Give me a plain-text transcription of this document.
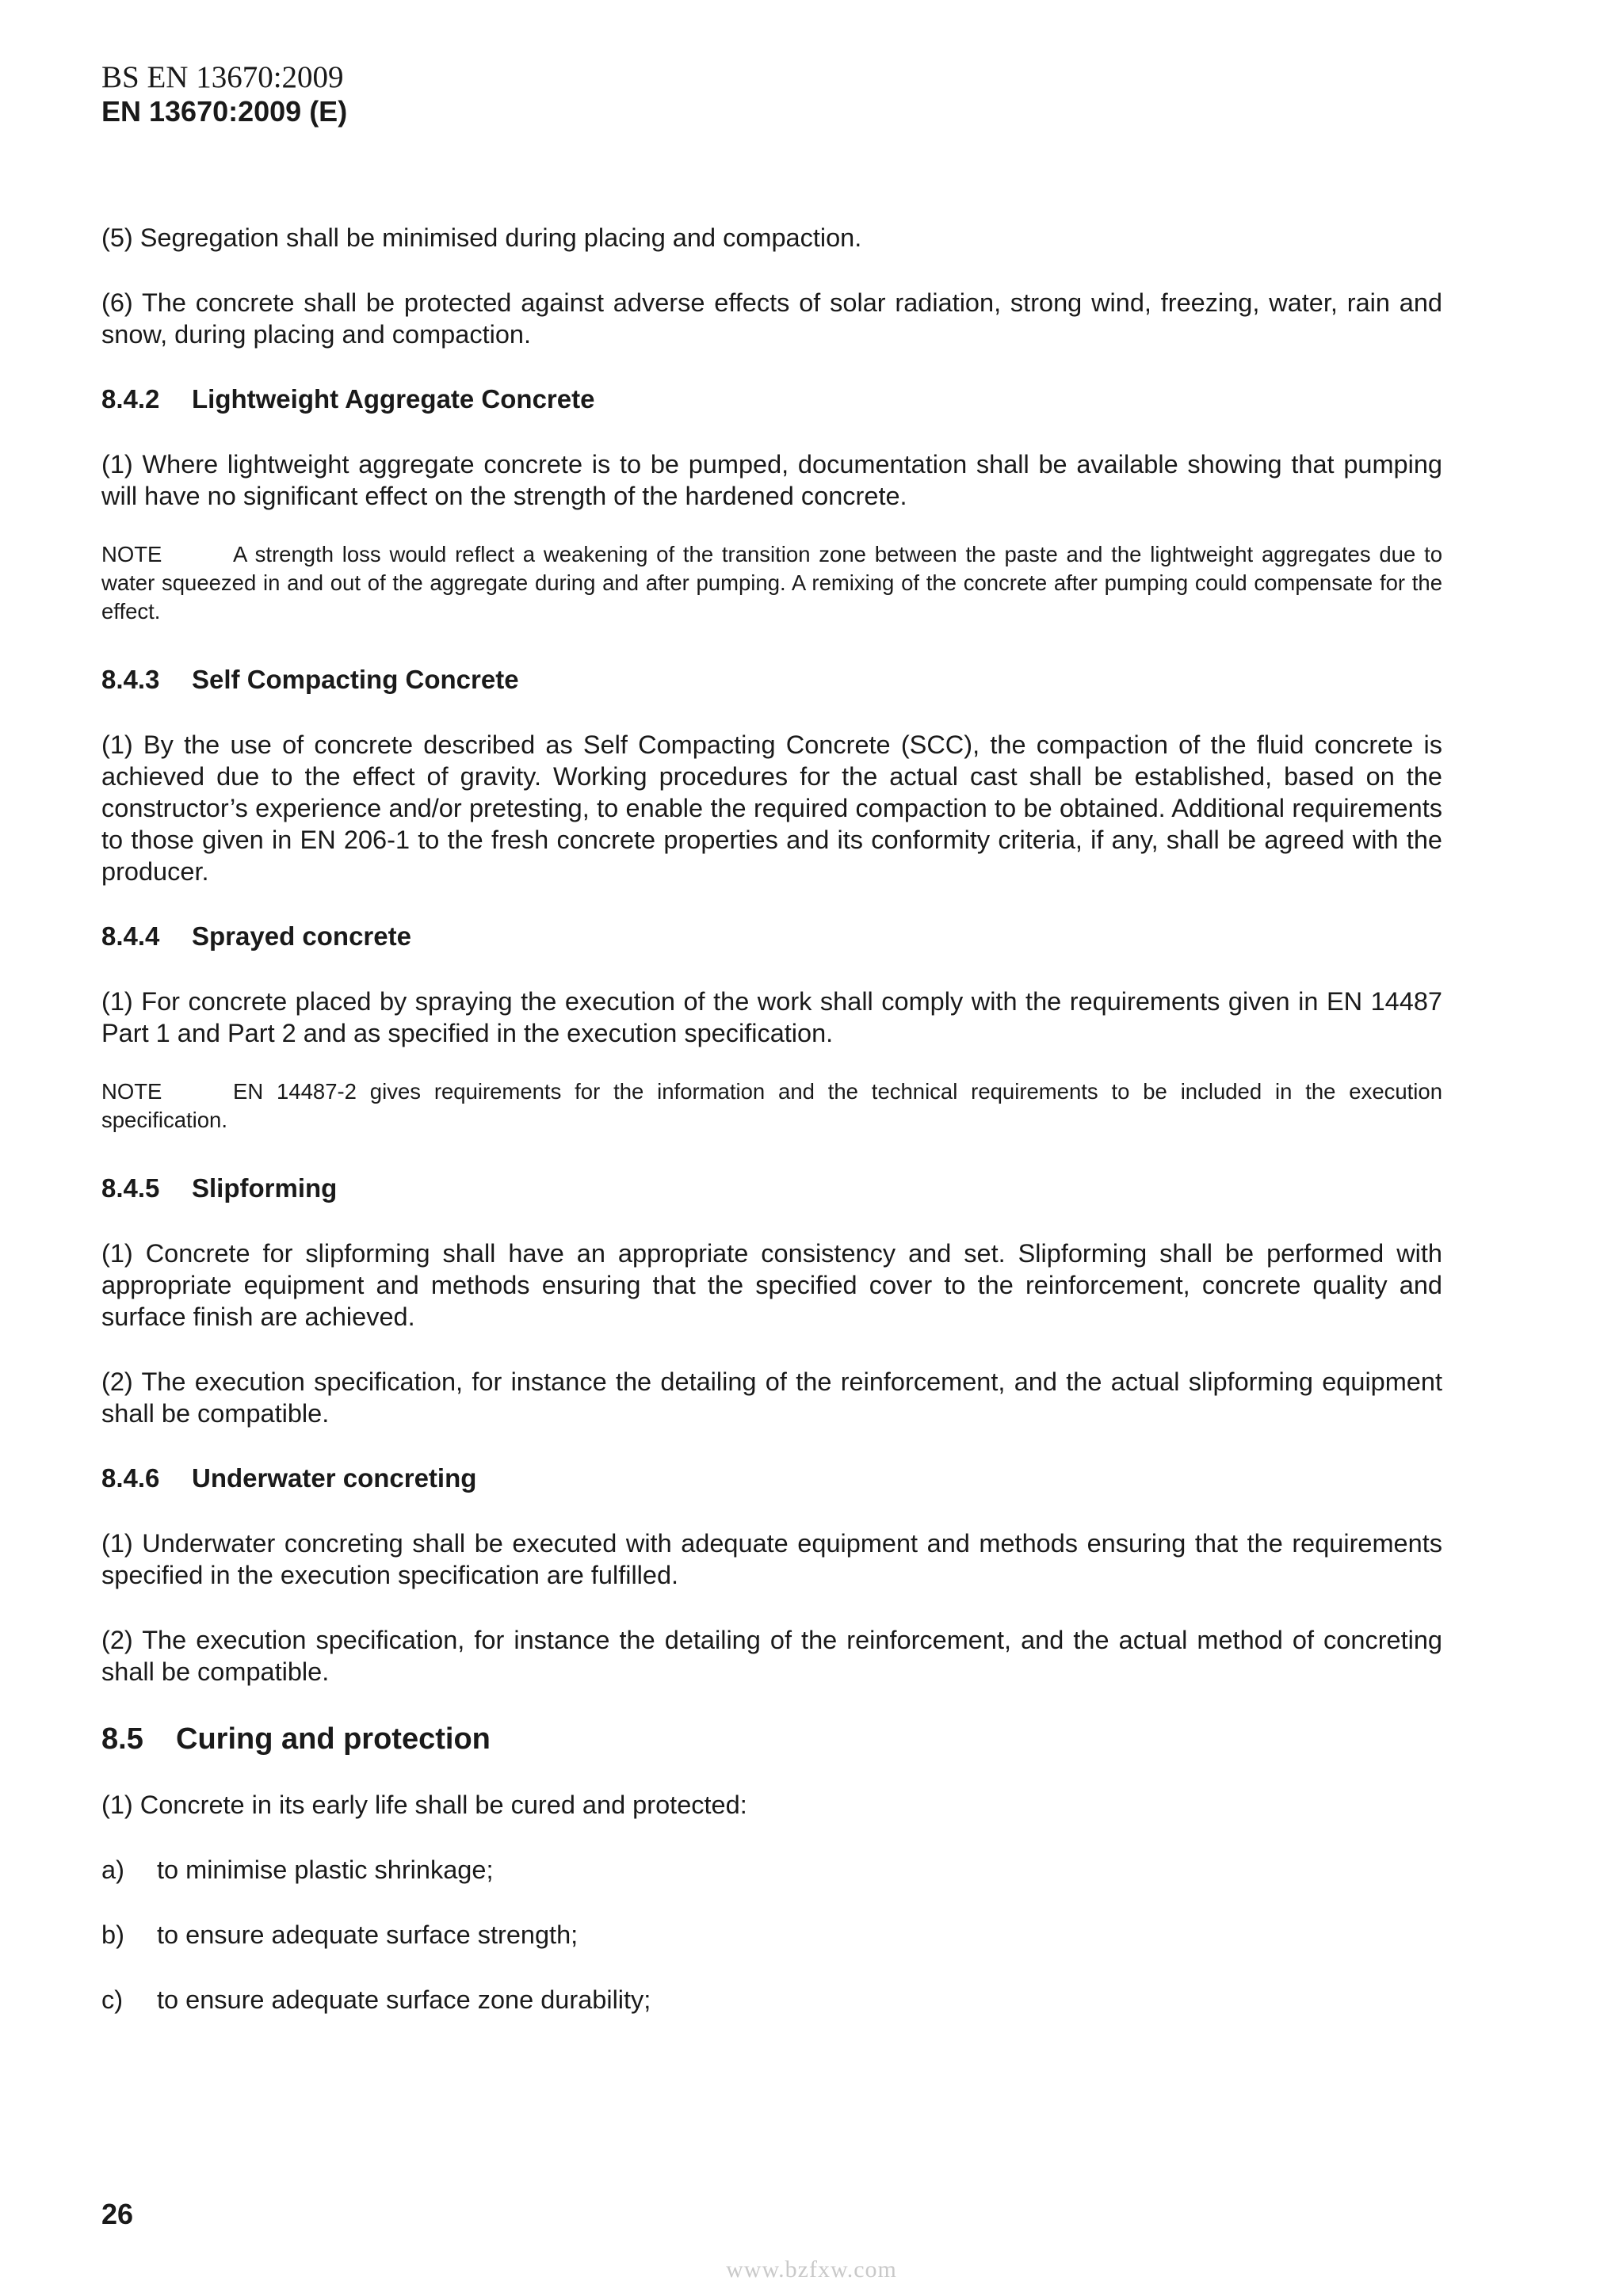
BS EN 13670:2009
EN 13670:2009 (E)

(5) Segregation shall be minimised during placing and compaction.

(6) The concrete shall be protected against adverse effects of solar radiation, strong wind, freezing, water, rain and snow, during placing and compaction.

8.4.2 Lightweight Aggregate Concrete

(1) Where lightweight aggregate concrete is to be pumped, documentation shall be available showing that pumping will have no significant effect on the strength of the hardened concrete.

NOTE	A strength loss would reflect a weakening of the transition zone between the paste and the lightweight aggregates due to water squeezed in and out of the aggregate during and after pumping. A remixing of the concrete after pumping could compensate for the effect.

8.4.3 Self Compacting Concrete

(1) By the use of concrete described as Self Compacting Concrete (SCC), the compaction of the fluid concrete is achieved due to the effect of gravity. Working procedures for the actual cast shall be established, based on the constructor’s experience and/or pretesting, to enable the required compaction to be obtained. Additional requirements to those given in EN 206-1 to the fresh concrete properties and its conformity criteria, if any, shall be agreed with the producer.

8.4.4 Sprayed concrete

(1) For concrete placed by spraying the execution of the work shall comply with the requirements given in EN 14487 Part 1 and Part 2 and as specified in the execution specification.

NOTE	EN 14487-2 gives requirements for the information and the technical requirements to be included in the execution specification.

8.4.5 Slipforming

(1) Concrete for slipforming shall have an appropriate consistency and set. Slipforming shall be performed with appropriate equipment and methods ensuring that the specified cover to the reinforcement, concrete quality and surface finish are achieved.

(2) The execution specification, for instance the detailing of the reinforcement, and the actual slipforming equipment shall be compatible.

8.4.6 Underwater concreting

(1) Underwater concreting shall be executed with adequate equipment and methods ensuring that the requirements specified in the execution specification are fulfilled.

(2) The execution specification, for instance the detailing of the reinforcement, and the actual method of concreting shall be compatible.

8.5 Curing and protection

(1) Concrete in its early life shall be cured and protected:

a) to minimise plastic shrinkage;
b) to ensure adequate surface strength;
c) to ensure adequate surface zone durability;
26
www.bzfxw.com
